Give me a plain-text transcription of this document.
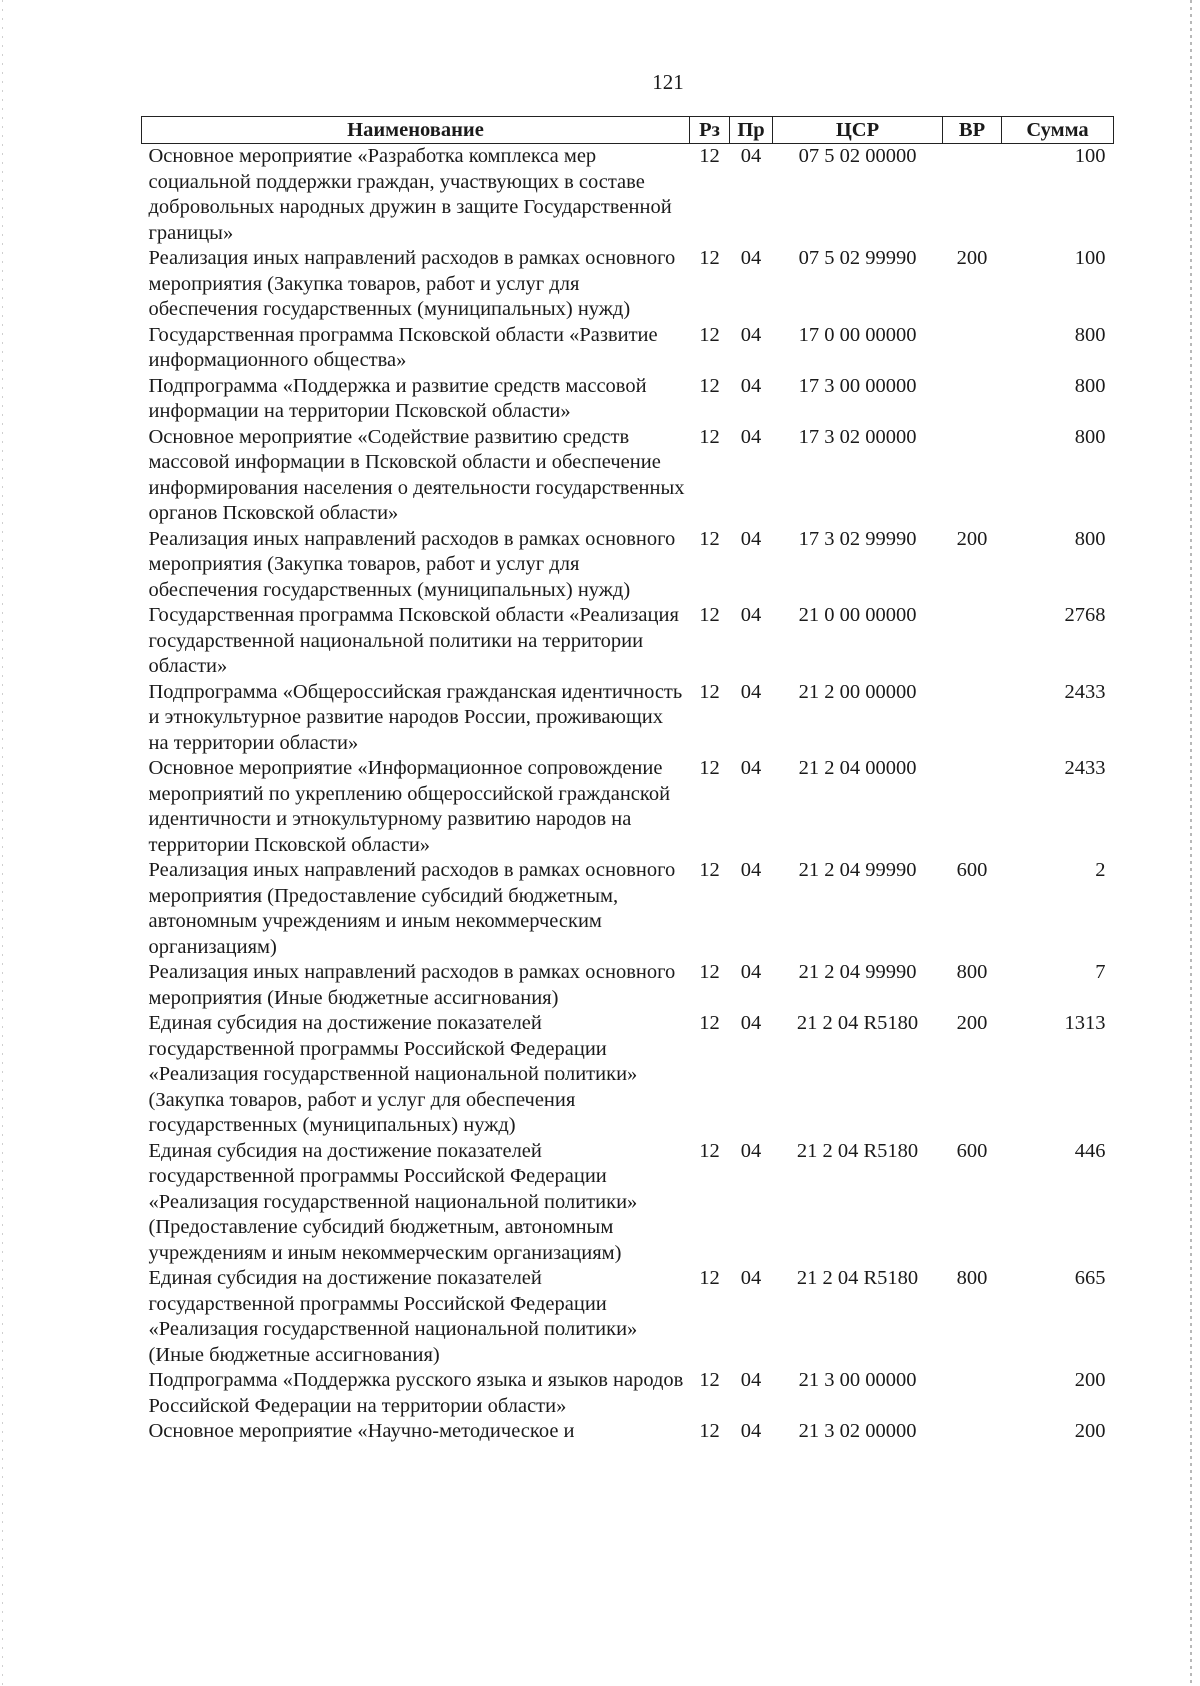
121
Наименование	Рз	Пр	ЦСР	ВР	Сумма
Основное мероприятие «Разработка комплекса мер социальной поддержки граждан, участвующих в составе добровольных народных дружин в защите Государственной границы»	12	04	07 5 02 00000		100
Реализация иных направлений расходов в рамках основного мероприятия (Закупка товаров, работ и услуг для обеспечения государственных (муниципальных) нужд)	12	04	07 5 02 99990	200	100
Государственная программа Псковской области «Развитие информационного общества»	12	04	17 0 00 00000		800
Подпрограмма «Поддержка и развитие средств массовой информации на территории Псковской области»	12	04	17 3 00 00000		800
Основное мероприятие «Содействие развитию средств массовой информации в Псковской области и обеспечение информирования населения о деятельности государственных органов Псковской области»	12	04	17 3 02 00000		800
Реализация иных направлений расходов в рамках основного мероприятия (Закупка товаров, работ и услуг для обеспечения государственных (муниципальных) нужд)	12	04	17 3 02 99990	200	800
Государственная программа Псковской области «Реализация государственной национальной политики на территории области»	12	04	21 0 00 00000		2768
Подпрограмма «Общероссийская гражданская идентичность и этнокультурное развитие народов России, проживающих на территории области»	12	04	21 2 00 00000		2433
Основное мероприятие «Информационное сопровождение мероприятий по укреплению общероссийской гражданской идентичности и этнокультурному развитию народов на территории Псковской области»	12	04	21 2 04 00000		2433
Реализация иных направлений расходов в рамках основного мероприятия (Предоставление субсидий бюджетным, автономным учреждениям и иным некоммерческим организациям)	12	04	21 2 04 99990	600	2
Реализация иных направлений расходов в рамках основного мероприятия (Иные бюджетные ассигнования)	12	04	21 2 04 99990	800	7
Единая субсидия на достижение показателей государственной программы Российской Федерации «Реализация государственной национальной политики» (Закупка товаров, работ и услуг для обеспечения государственных (муниципальных) нужд)	12	04	21 2 04 R5180	200	1313
Единая субсидия на достижение показателей государственной программы Российской Федерации «Реализация государственной национальной политики» (Предоставление субсидий бюджетным, автономным учреждениям и иным некоммерческим организациям)	12	04	21 2 04 R5180	600	446
Единая субсидия на достижение показателей государственной программы Российской Федерации «Реализация государственной национальной политики» (Иные бюджетные ассигнования)	12	04	21 2 04 R5180	800	665
Подпрограмма «Поддержка русского языка и языков народов Российской Федерации на территории области»	12	04	21 3 00 00000		200
Основное мероприятие «Научно-методическое и	12	04	21 3 02 00000		200
